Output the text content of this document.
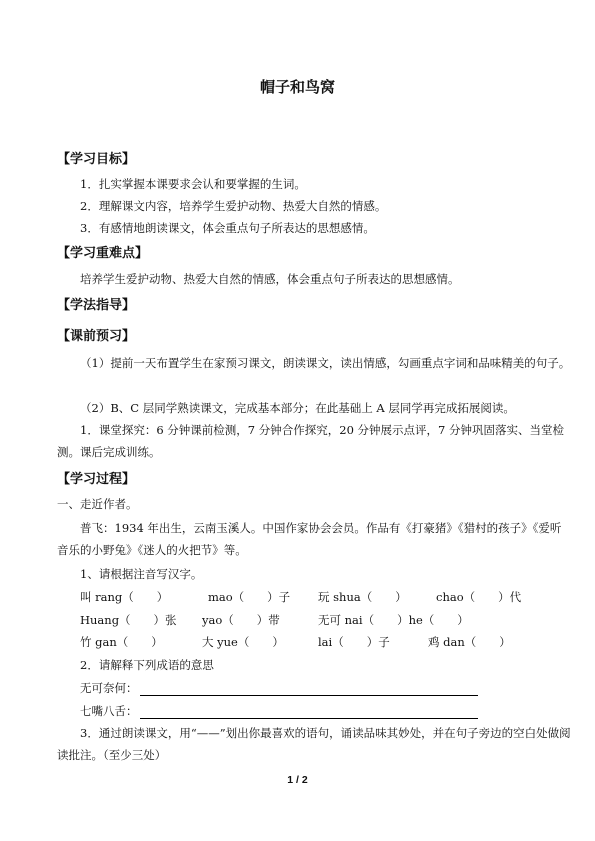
帽子和鸟窝
【学习目标】
1．扎实掌握本课要求会认和要掌握的生词。
2．理解课文内容，培养学生爱护动物、热爱大自然的情感。
3．有感情地朗读课文，体会重点句子所表达的思想感情。
【学习重难点】
培养学生爱护动物、热爱大自然的情感，体会重点句子所表达的思想感情。
【学法指导】
【课前预习】
（1）提前一天布置学生在家预习课文，朗读课文，读出情感，勾画重点字词和品味精美的句子。
（2）B、C 层同学熟读课文，完成基本部分；在此基础上 A 层同学再完成拓展阅读。
1．课堂探究：6 分钟课前检测，7 分钟合作探究，20 分钟展示点评，7 分钟巩固落实、当堂检测。课后完成训练。
【学习过程】
一、走近作者。
普飞：1934 年出生，云南玉溪人。中国作家协会会员。作品有《打豪猪》《猎村的孩子》《爱听音乐的小野兔》《迷人的火把节》等。
1、请根据注音写汉字。
叫 rang（　　）	mao（　　）子 玩 shua（　　）	chao（　　）代
Huang（　　）张 yao（　　）带	无可 nai（　　）he（　　）
竹 gan（　　）	大 yue（　　）	lai（　　）子	鸡 dan（　　）
2．请解释下列成语的意思
无可奈何：
七嘴八舌：
3．通过朗读课文，用“——”划出你最喜欢的语句，诵读品味其妙处，并在句子旁边的空白处做阅读批注。（至少三处）
1 / 2
